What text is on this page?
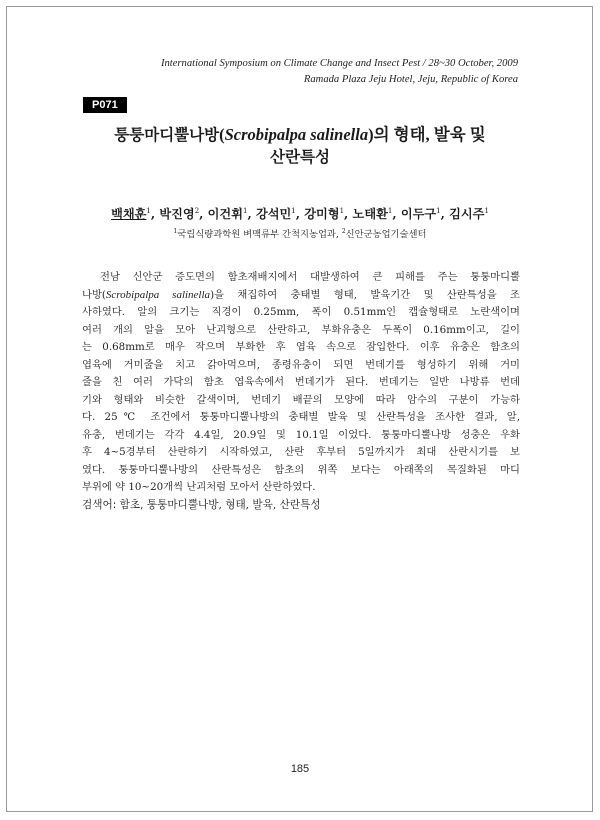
International Symposium on Climate Change and Insect Pest / 28~30 October, 2009
Ramada Plaza Jeju Hotel, Jeju, Republic of Korea
P071
퉁퉁마디뿔나방(Scrobipalpa salinella)의 형태, 발육 및
산란특성
백채훈$^1$, 박진영$^2$, 이건휘$^1$, 강석민$^1$, 강미형$^1$, 노태환$^1$, 이두구$^1$, 김시주$^1$
$^1$국립식량과학원 벼맥류부 간척지농업과, $^2$신안군농업기술센터
전남 신안군 증도면의 함초재배지에서 대발생하여 큰 피해를 주는 퉁퉁마디뿔
나방(Scrobipalpa salinella)을 채집하여 충태별 형태, 발육기간 및 산란특성을 조
사하였다. 알의 크기는 직경이 0.25mm, 폭이 0.51mm인 캡슐형태로 노란색이며
여러 개의 알을 모아 난괴형으로 산란하고, 부화유충은 두폭이 0.16mm이고, 길이
는 0.68mm로 매우 작으며 부화한 후 엽육 속으로 잠입한다. 이후 유충은 함초의
엽육에 거미줄을 치고 갉아먹으며, 종령유충이 되면 번데기를 형성하기 위해 거미
줄을 친 여러 가닥의 함초 엽육속에서 번데기가 된다. 번데기는 일반 나방류 번데
기와 형태와 비슷한 갈색이며, 번데기 배끝의 모양에 따라 암수의 구분이 가능하
다. 25℃ 조건에서 퉁퉁마디뿔나방의 충태별 발육 및 산란특성을 조사한 결과, 알,
유충, 번데기는 각각 4.4일, 20.9일 및 10.1일 이었다. 퉁퉁마디뿔나방 성충은 우화
후 4~5경부터 산란하기 시작하였고, 산란 후부터 5일까지가 최대 산란시기를 보
였다. 퉁퉁마디뿔나방의 산란특성은 함초의 위쪽 보다는 아래쪽의 목질화된 마디
부위에 약 10~20개씩 난괴처럼 모아서 산란하였다.
검색어: 함초, 퉁퉁마디뿔나방, 형태, 발육, 산란특성
185
